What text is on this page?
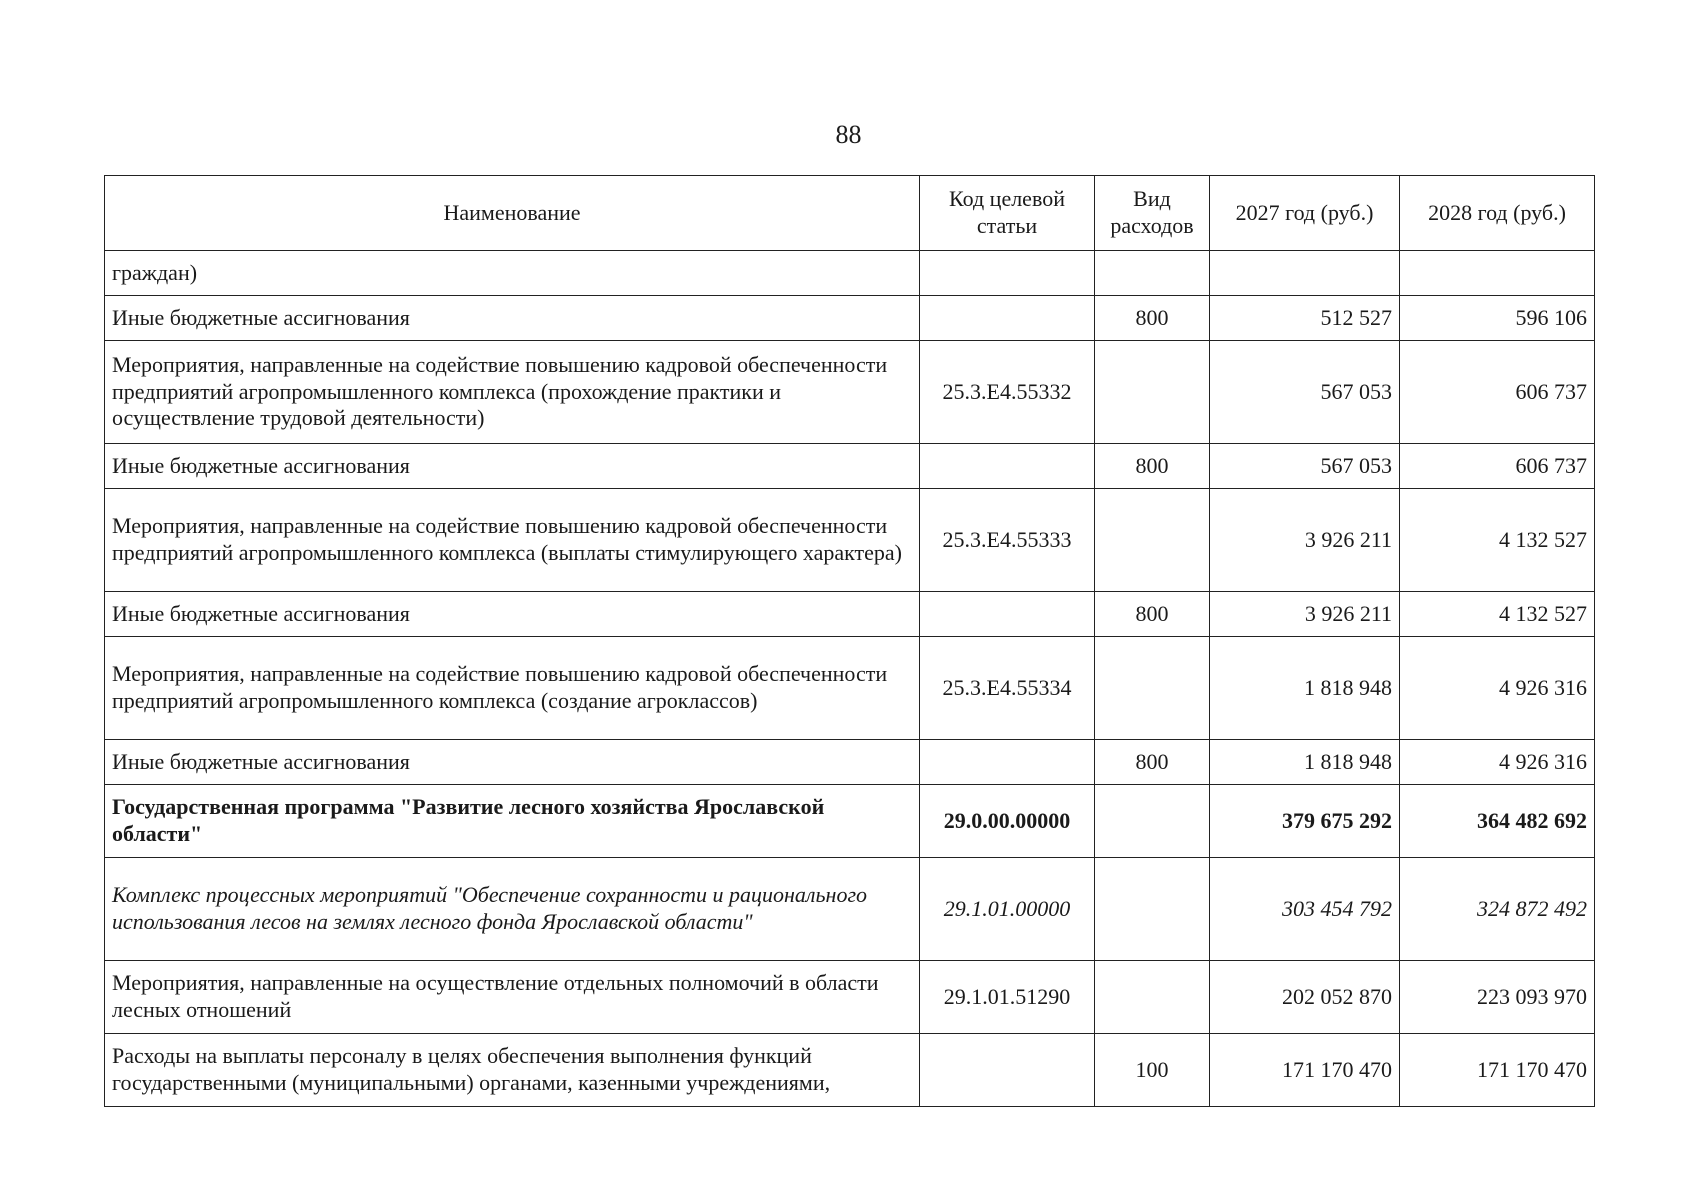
88
Наименование	Код целевой статьи	Вид расходов	2027 год (руб.)	2028 год (руб.)
граждан)				
Иные бюджетные ассигнования		800	512 527	596 106
Мероприятия, направленные на содействие повышению кадровой обеспеченности предприятий агропромышленного комплекса (прохождение практики и осуществление трудовой деятельности)	25.3.Е4.55332		567 053	606 737
Иные бюджетные ассигнования		800	567 053	606 737
Мероприятия, направленные на содействие повышению кадровой обеспеченности предприятий агропромышленного комплекса (выплаты стимулирующего характера)	25.3.Е4.55333		3 926 211	4 132 527
Иные бюджетные ассигнования		800	3 926 211	4 132 527
Мероприятия, направленные на содействие повышению кадровой обеспеченности предприятий агропромышленного комплекса (создание агроклассов)	25.3.Е4.55334		1 818 948	4 926 316
Иные бюджетные ассигнования		800	1 818 948	4 926 316
Государственная программа "Развитие лесного хозяйства Ярославской области"	29.0.00.00000		379 675 292	364 482 692
Комплекс процессных мероприятий "Обеспечение сохранности и рационального использования лесов на землях лесного фонда Ярославской области"	29.1.01.00000		303 454 792	324 872 492
Мероприятия, направленные на осуществление отдельных полномочий в области лесных отношений	29.1.01.51290		202 052 870	223 093 970
Расходы на выплаты персоналу в целях обеспечения выполнения функций государственными (муниципальными) органами, казенными учреждениями,		100	171 170 470	171 170 470
